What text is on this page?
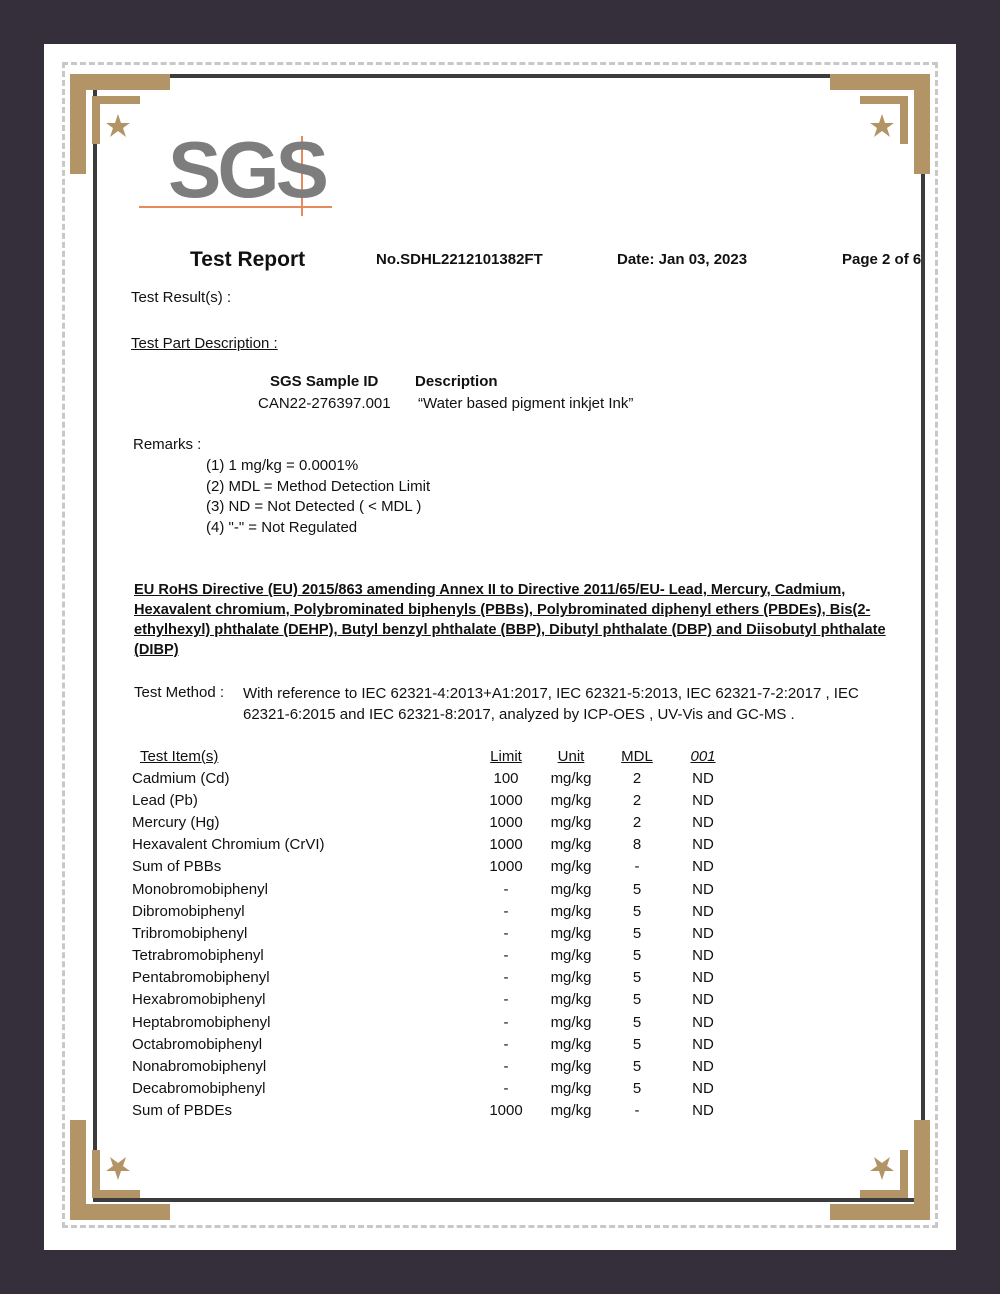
SGS
Test Report	No.SDHL2212101382FT	Date: Jan 03, 2023	Page 2 of 6
Test Result(s) :
Test Part Description :
SGS Sample ID Description
CAN22-276397.001 “Water based pigment inkjet Ink”
Remarks :
(1) 1 mg/kg = 0.0001%
(2) MDL = Method Detection Limit
(3) ND = Not Detected ( < MDL )
(4) "-" = Not Regulated
EU RoHS Directive (EU) 2015/863 amending Annex II to Directive 2011/65/EU- Lead, Mercury, Cadmium, Hexavalent chromium, Polybrominated biphenyls (PBBs), Polybrominated diphenyl ethers (PBDEs), Bis(2-ethylhexyl) phthalate (DEHP), Butyl benzyl phthalate (BBP), Dibutyl phthalate (DBP) and Diisobutyl phthalate (DIBP)
Test Method : With reference to IEC 62321-4:2013+A1:2017, IEC 62321-5:2013, IEC 62321-7-2:2017 , IEC 62321-6:2015 and IEC 62321-8:2017, analyzed by ICP-OES , UV-Vis and GC-MS .
Test Item(s)	Limit	Unit	MDL	001
Cadmium (Cd)	100	mg/kg	2	ND
Lead (Pb)	1000	mg/kg	2	ND
Mercury (Hg)	1000	mg/kg	2	ND
Hexavalent Chromium (CrVI)	1000	mg/kg	8	ND
Sum of PBBs	1000	mg/kg	-	ND
Monobromobiphenyl	-	mg/kg	5	ND
Dibromobiphenyl	-	mg/kg	5	ND
Tribromobiphenyl	-	mg/kg	5	ND
Tetrabromobiphenyl	-	mg/kg	5	ND
Pentabromobiphenyl	-	mg/kg	5	ND
Hexabromobiphenyl	-	mg/kg	5	ND
Heptabromobiphenyl	-	mg/kg	5	ND
Octabromobiphenyl	-	mg/kg	5	ND
Nonabromobiphenyl	-	mg/kg	5	ND
Decabromobiphenyl	-	mg/kg	5	ND
Sum of PBDEs	1000	mg/kg	-	ND
